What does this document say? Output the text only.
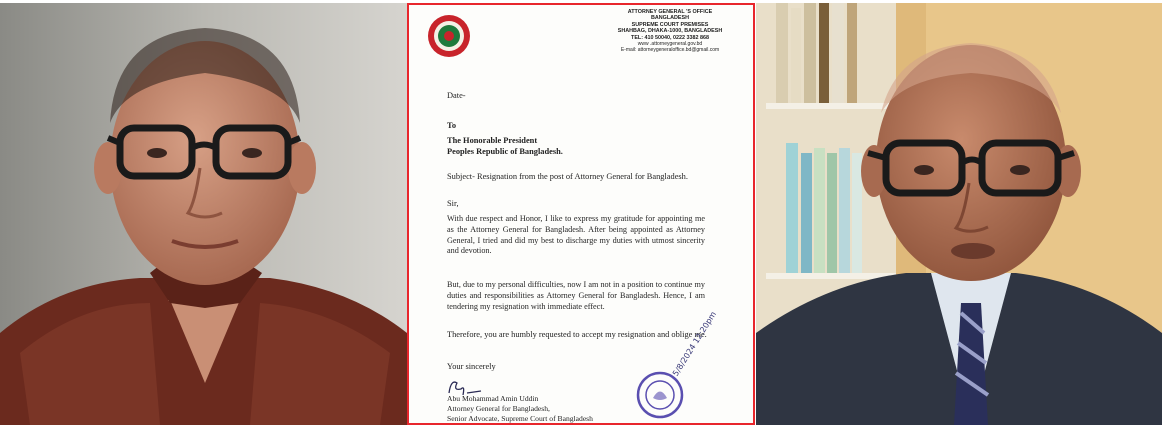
ATTORNEY GENERAL 'S OFFICE
BANGLADESH
SUPREME COURT PREMISES
SHAHBAG, DHAKA-1000, BANGLADESH
TEL: 410 50040, 0222 3382 868
www .attorneygeneral.gov.bd
E-mail: attorneygeneraloffice.bd@gmail.com
Date-
To
The Honorable President
Peoples Republic of Bangladesh.
Subject- Resignation from the post of Attorney General for Bangladesh.
Sir,
With due respect and Honor, I like to express my gratitude for appointing me as the Attorney General for Bangladesh. After being appointed as Attorney General, I tried and did my best to discharge my duties with utmost sincerity and devotion.
But, due to my personal difficulties, now I am not in a position to continue my duties and responsibilities as Attorney General for Bangladesh. Hence, I am tendering my resignation with immediate effect.
Therefore, you are humbly requested to accept my resignation and oblige me.
Your sincerely
Abu Mohammad Amin Uddin
Attorney General for Bangladesh,
Senior Advocate, Supreme Court of Bangladesh
5/8/2024 12:20pm
